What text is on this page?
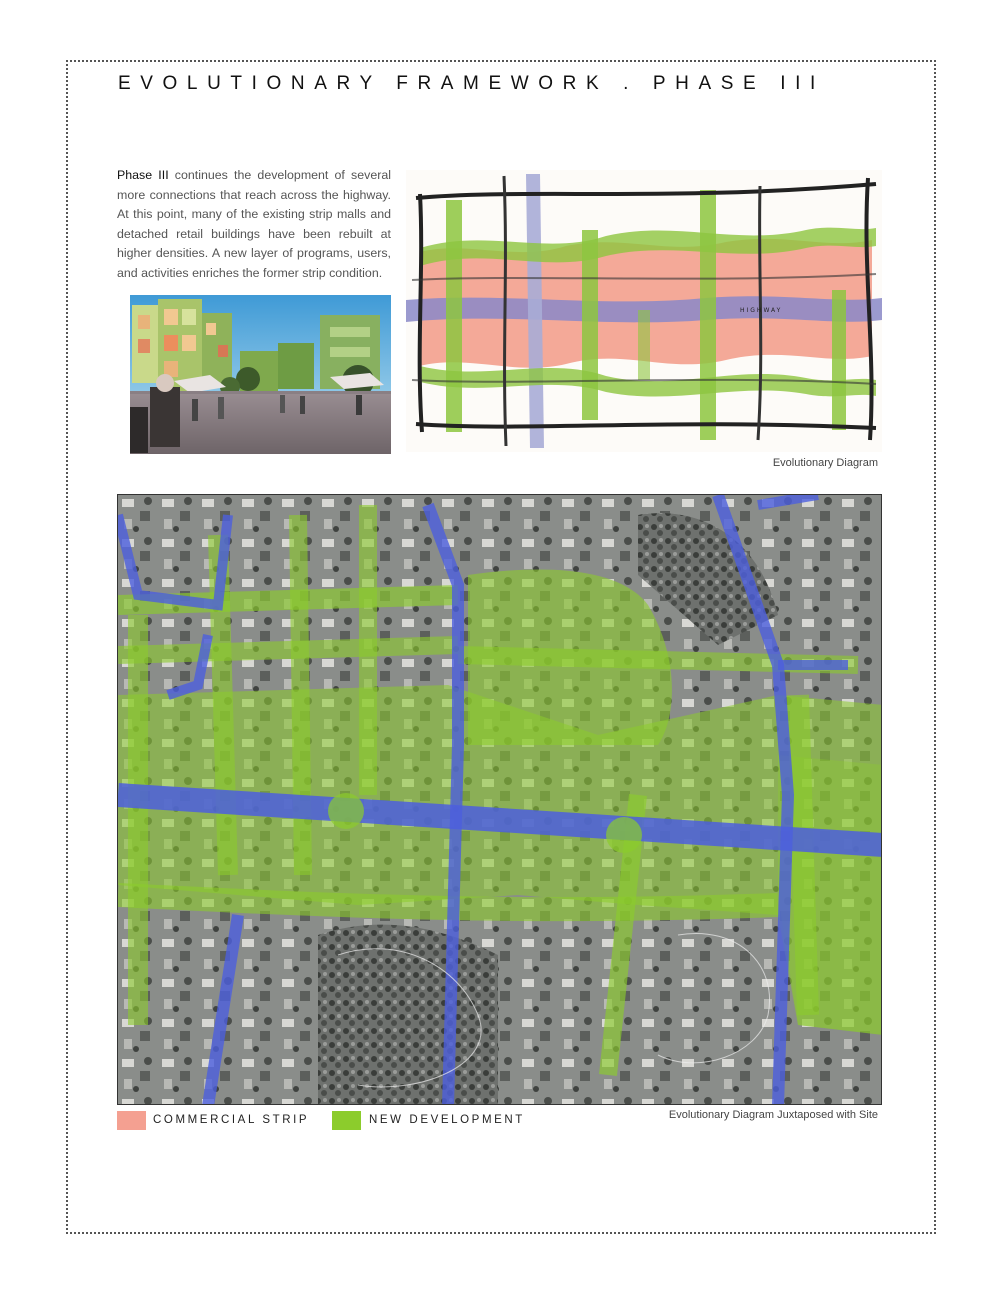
EVOLUTIONARY FRAMEWORK . PHASE III
Phase III continues the development of several more connections that reach across the highway. At this point, many of the existing strip malls and detached retail buildings have been rebuilt at higher densities. A new layer of programs, users, and activities enriches the former strip condition.
HIGHWAY
Evolutionary Diagram
COMMERCIAL STRIP	NEW DEVELOPMENT	Evolutionary Diagram Juxtaposed with Site
